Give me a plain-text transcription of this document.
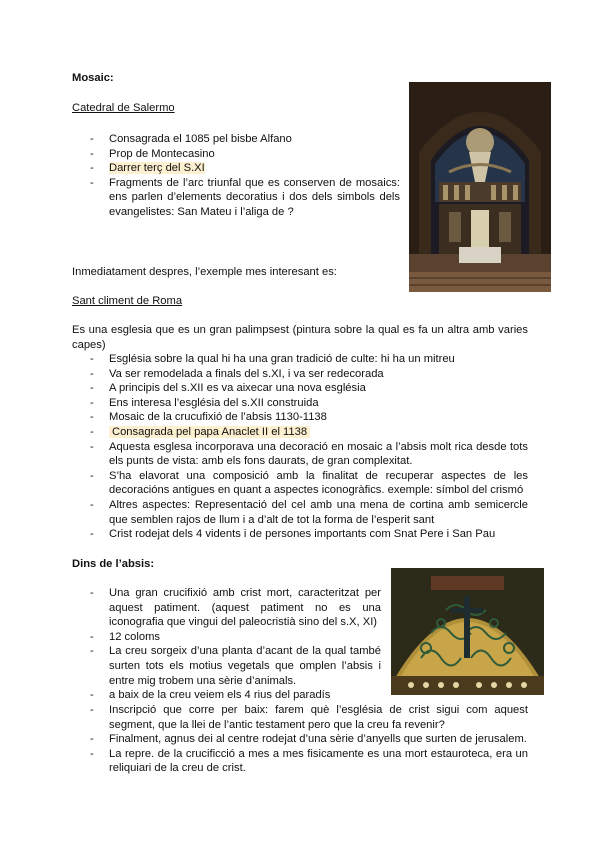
Mosaic:
Catedral de Salermo
- Consagrada el 1085 pel bisbe Alfano
- Prop de Montecasino
- Darrer terç del S.XI
- Fragments de l’arc triunfal que es conserven de mosaics: ens parlen d’elements decoratius i dos dels simbols dels evangelistes: San Mateu i l’aliga de ?
Inmediatament despres, l’exemple mes interesant es:
Sant climent de Roma
Es una esglesia que es un gran palimpsest (pintura sobre la qual es fa un altra amb varies capes)
- Església sobre la qual hi ha una gran tradició de culte: hi ha un mitreu
- Va ser remodelada a finals del s.XI, i va ser redecorada
- A principis del s.XII es va aixecar una nova església
- Ens interesa l’església del s.XII construida
- Mosaic de la crucufixió de l’absis 1130-1138
- Consagrada pel papa Anaclet II el 1138
- Aquesta esglesa incorporava una decoració en mosaic a l’absis molt rica desde tots els punts de vista: amb els fons daurats, de gran complexitat.
- S’ha elavorat una composició amb la finalitat de recuperar aspectes de les decoracións antigues en quant a aspectes iconogràfics. exemple: símbol del crismó
- Altres aspectes: Representació del cel amb una mena de cortina amb semicercle que semblen rajos de llum i a d’alt de tot la forma de l’esperit sant
- Crist rodejat dels 4 vidents i de persones importants com Snat Pere i San Pau
Dins de l’absis:
- Una gran crucifixió amb crist mort, caracteritzat per aquest patiment. (aquest patiment no es una iconografia que vingui del paleocristià sino del s.X, XI)
- 12 coloms
- La creu sorgeix d’una planta d’acant de la qual també surten tots els motius vegetals que omplen l’absis i entre mig trobem una sèrie d’animals.
- a baix de la creu veiem els 4 rius del paradís
- Inscripció que corre per baix: farem què l’església de crist sigui com aquest segment, que la llei de l’antic testament pero que la creu fa revenir?
- Finalment, agnus dei al centre rodejat d’una sèrie d’anyells que surten de jerusalem.
- La repre. de la crucificció a mes a mes fisicamente es una mort estauroteca, era un reliquiari de la creu de crist.
